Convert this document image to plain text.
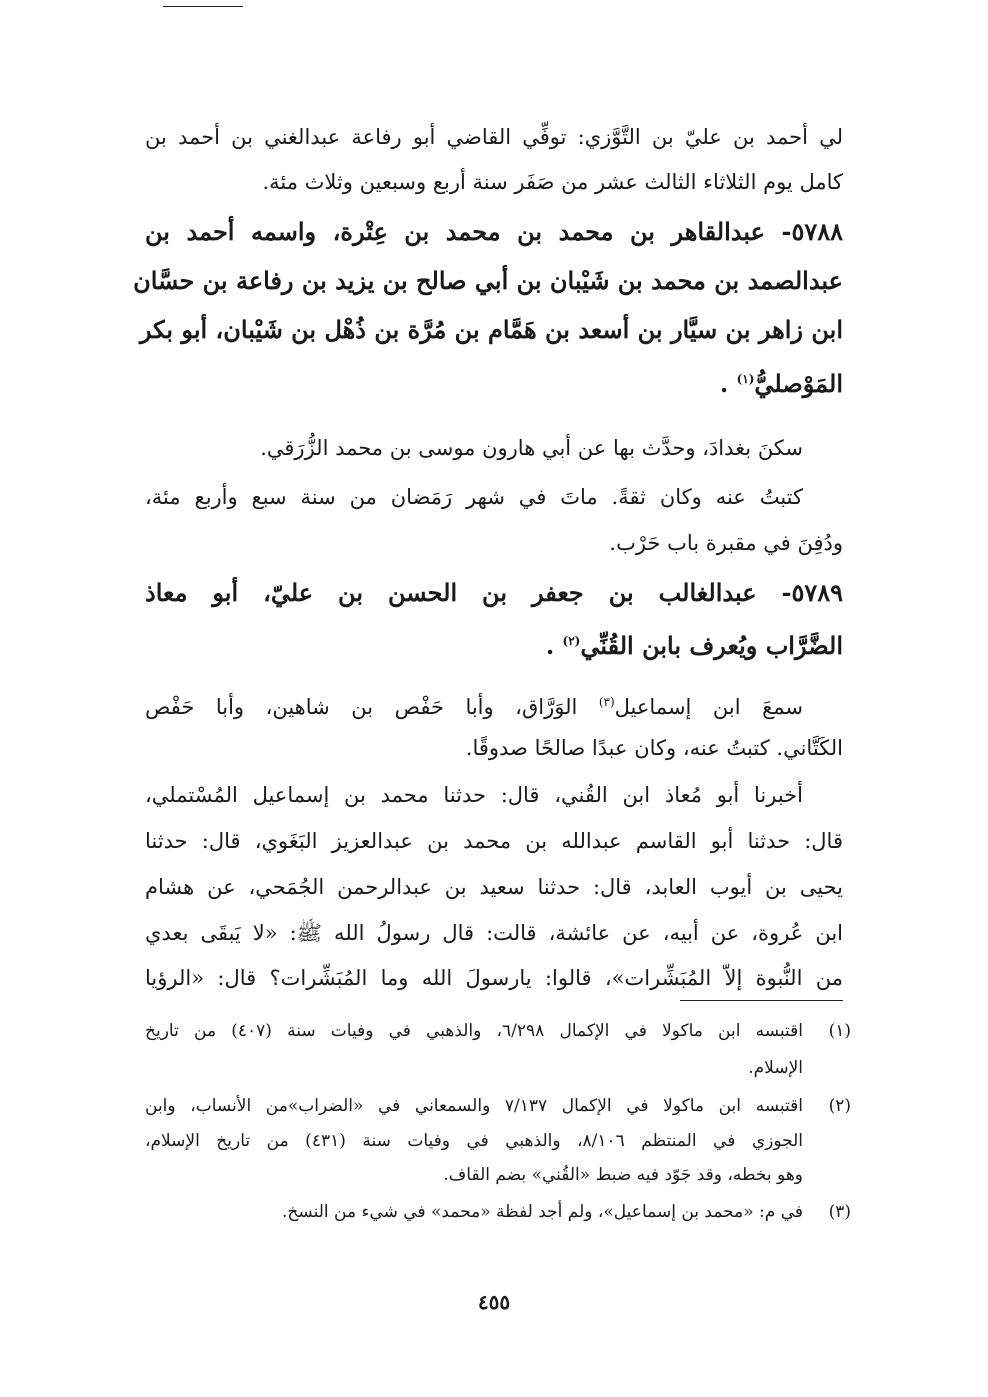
لي أحمد بن عليّ بن التَّوَّزي: توفِّي القاضي أبو رفاعة عبدالغني بن أحمد بن
كامل يوم الثلاثاء الثالث عشر من صَفَر سنة أربع وسبعين وثلاث مئة.
٥٧٨٨- عبدالقاهر بن محمد بن محمد بن عِتْرة، واسمه أحمد بن
عبدالصمد بن محمد بن شَيْبان بن أبي صالح بن يزيد بن رفاعة بن حسَّان
ابن زاهر بن سيَّار بن أسعد بن هَمَّام بن مُرَّة بن ذُهْل بن شَيْبان، أبو بكر
المَوْصليُّ$^{(١)}$ .
سكنَ بغدادَ، وحدَّث بها عن أبي هارون موسى بن محمد الزُّرَقي.
كتبتُ عنه وكان ثقةً. ماتَ في شهر رَمَضان من سنة سبع وأربع مئة،
ودُفِنَ في مقبرة باب حَرْب.
٥٧٨٩- عبدالغالب بن جعفر بن الحسن بن عليّ، أبو معاذ
الضَّرَّاب ويُعرف بابن القُنِّي$^{(٢)}$ .
سمعَ ابن إسماعيل$^{(٣)}$ الوَرَّاق، وأبا حَفْص بن شاهين، وأبا حَفْص
الكَتَّاني. كتبتُ عنه، وكان عبدًا صالحًا صدوقًا.
أخبرنا أبو مُعاذ ابن القُني، قال: حدثنا محمد بن إسماعيل المُسْتملي،
قال: حدثنا أبو القاسم عبدالله بن محمد بن عبدالعزيز البَغَوي، قال: حدثنا
يحيى بن أيوب العابد، قال: حدثنا سعيد بن عبدالرحمن الجُمَحي، عن هشام
ابن عُروة، عن أبيه، عن عائشة، قالت: قال رسولُ الله ﷺ: «لا يَبقَى بعدي
من النُّبوة إلاّ المُبَشِّرات»، قالوا: يارسولَ الله وما المُبَشِّرات؟ قال: «الرؤيا
(١)
اقتبسه ابن ماكولا في الإكمال ٦/٢٩٨، والذهبي في وفيات سنة (٤٠٧) من تاريخ
الإسلام.
(٢)
اقتبسه ابن ماكولا في الإكمال ٧/١٣٧ والسمعاني في «الضراب»من الأنساب، وابن
الجوزي في المنتظم ٨/١٠٦، والذهبي في وفيات سنة (٤٣١) من تاريخ الإسلام،
وهو بخطه، وقد جَوّد فيه ضبط «القُني» بضم القاف.
(٣)
في م: «محمد بن إسماعيل»، ولم أجد لفظة «محمد» في شيء من النسخ.
٤٥٥
